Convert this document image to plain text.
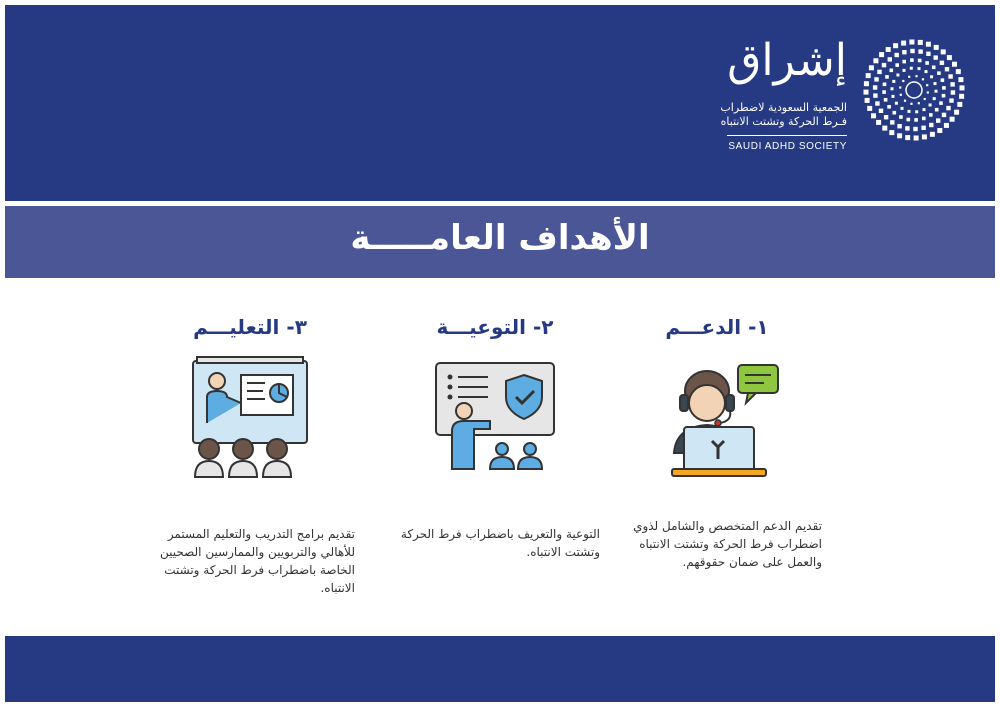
إشراق
الجمعية السعودية لاضطراب
فـرط الحركة وتشتت الانتباه
SAUDI ADHD SOCIETY
الأهداف العامـــــة
١- الدعـــم
تقديم الدعم المتخصص والشامل لذوي اضطراب فرط الحركة وتشتت الانتباه والعمل على ضمان حقوقهم.
٢- التوعيـــة
التوعية والتعريف باضطراب فرط الحركة وتشتت الانتباه.
٣- التعليـــم
تقديم برامج التدريب والتعليم المستمر للأهالي والتربويين والممارسين الصحيين الخاصة باضطراب فرط الحركة وتشتت الانتباه.
